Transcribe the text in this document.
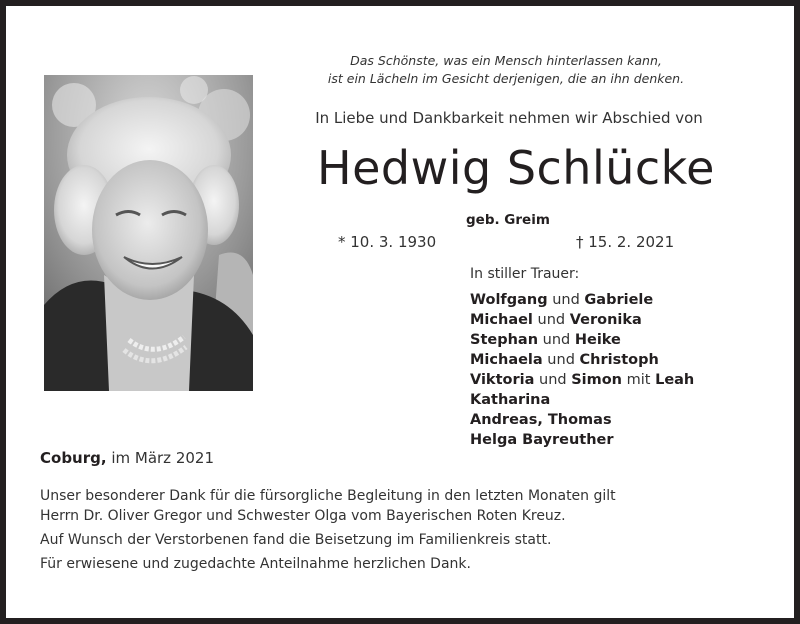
Das Schönste, was ein Mensch hinterlassen kann,
ist ein Lächeln im Gesicht derjenigen, die an ihn denken.
In Liebe und Dankbarkeit nehmen wir Abschied von
Hedwig Schlücke
geb. Greim
* 10. 3. 1930	† 15. 2. 2021
In stiller Trauer:
Wolfgang und Gabriele
Michael und Veronika
Stephan und Heike
Michaela und Christoph
Viktoria und Simon mit Leah
Katharina
Andreas, Thomas
Helga Bayreuther
Coburg, im März 2021

Unser besonderer Dank für die fürsorgliche Begleitung in den letzten Monaten gilt
Herrn Dr. Oliver Gregor und Schwester Olga vom Bayerischen Roten Kreuz.

Auf Wunsch der Verstorbenen fand die Beisetzung im Familienkreis statt.

Für erwiesene und zugedachte Anteilnahme herzlichen Dank.
